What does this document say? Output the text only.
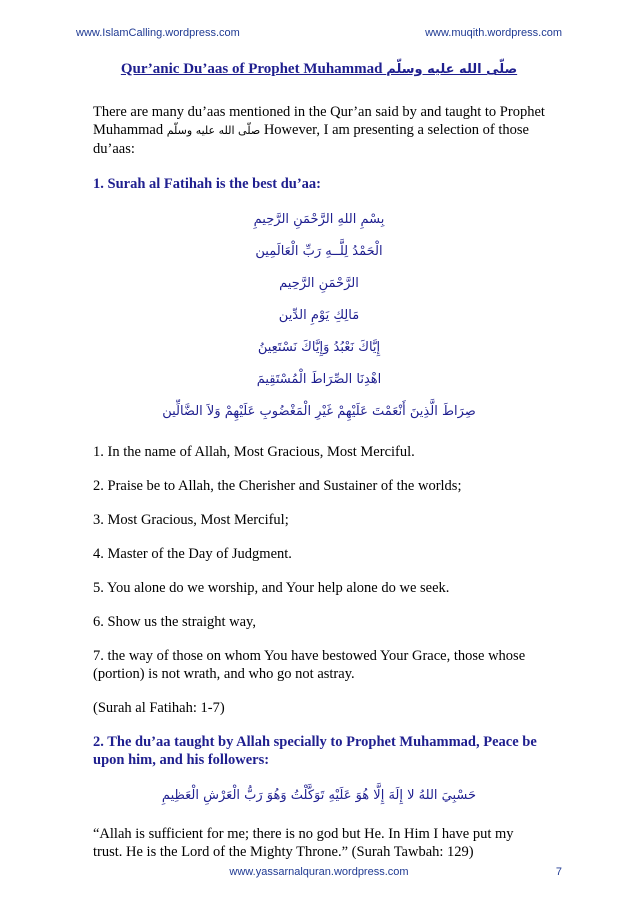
www.IslamCalling.wordpress.com	www.muqith.wordpress.com
Qur’anic Du’aas of Prophet Muhammad صلّى الله عليه وسلّم

There are many du’aas mentioned in the Qur’an said by and taught to Prophet Muhammad صلّى الله عليه وسلّم However, I am presenting a selection of those du’aas:

1. Surah al Fatihah is the best du’aa:
بِسْمِ اللهِ الرَّحْمَنِ الرَّحِيمِ
الْحَمْدُ لِلَّــهِ رَبِّ الْعَالَمِين
الرَّحْمَنِ الرَّحِيم
مَالِكِ يَوْمِ الدِّين
إِيَّاكَ نَعْبُدُ وَإِيَّاكَ نَسْتَعِينُ
اهْدِنَا الصِّرَاطَ الْمُسْتَقِيمَ
صِرَاطَ الَّذِينَ أَنْعَمْتَ عَلَيْهِمْ غَيْرِ الْمَغْضُوبِ عَلَيْهِمْ وَلاَ الضَّالِّين

1. In the name of Allah, Most Gracious, Most Merciful.

2. Praise be to Allah, the Cherisher and Sustainer of the worlds;

3. Most Gracious, Most Merciful;

4. Master of the Day of Judgment.

5. You alone do we worship, and Your help alone do we seek.

6. Show us the straight way,

7. the way of those on whom You have bestowed Your Grace, those whose (portion) is not wrath, and who go not astray.

(Surah al Fatihah: 1-7)

2. The du’aa taught by Allah specially to Prophet Muhammad, Peace be upon him, and his followers:
حَسْبِيَ اللهُ لا إِلَهَ إِلَّا هُوَ عَلَيْهِ تَوَكَّلْتُ وَهُوَ رَبُّ الْعَرْشِ الْعَظِيمِ

“Allah is sufficient for me; there is no god but He. In Him I have put my trust. He is the Lord of the Mighty Throne.” (Surah Tawbah: 129)

www.yassarnalquran.wordpress.com	7
